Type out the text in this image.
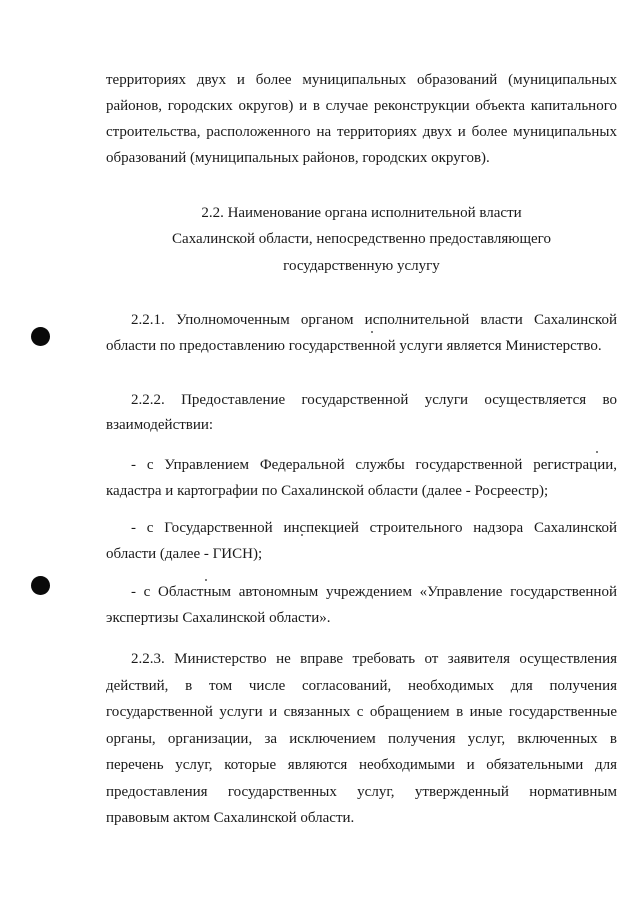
территориях двух и более муниципальных образований (муниципальных
районов, городских округов) и в случае реконструкции объекта капитального
строительства, расположенного на территориях двух и более муниципальных
образований (муниципальных районов, городских округов).
2.2. Наименование органа исполнительной власти
Сахалинской области, непосредственно предоставляющего
государственную услугу
2.2.1. Уполномоченным органом исполнительной власти Сахалинской
области по предоставлению государственной услуги является Министерство.
2.2.2. Предоставление государственной услуги осуществляется во
взаимодействии:
- с Управлением Федеральной службы государственной регистрации,
кадастра и картографии по Сахалинской области (далее - Росреестр);
- с Государственной инспекцией строительного надзора Сахалинской
области (далее - ГИСН);
- с Областным автономным учреждением «Управление государственной
экспертизы Сахалинской области».
2.2.3. Министерство не вправе требовать от заявителя осуществления
действий, в том числе согласований, необходимых для получения
государственной услуги и связанных с обращением в иные государственные
органы, организации, за исключением получения услуг, включенных в
перечень услуг, которые являются необходимыми и обязательными для
предоставления государственных услуг, утвержденный нормативным
правовым актом Сахалинской области.
